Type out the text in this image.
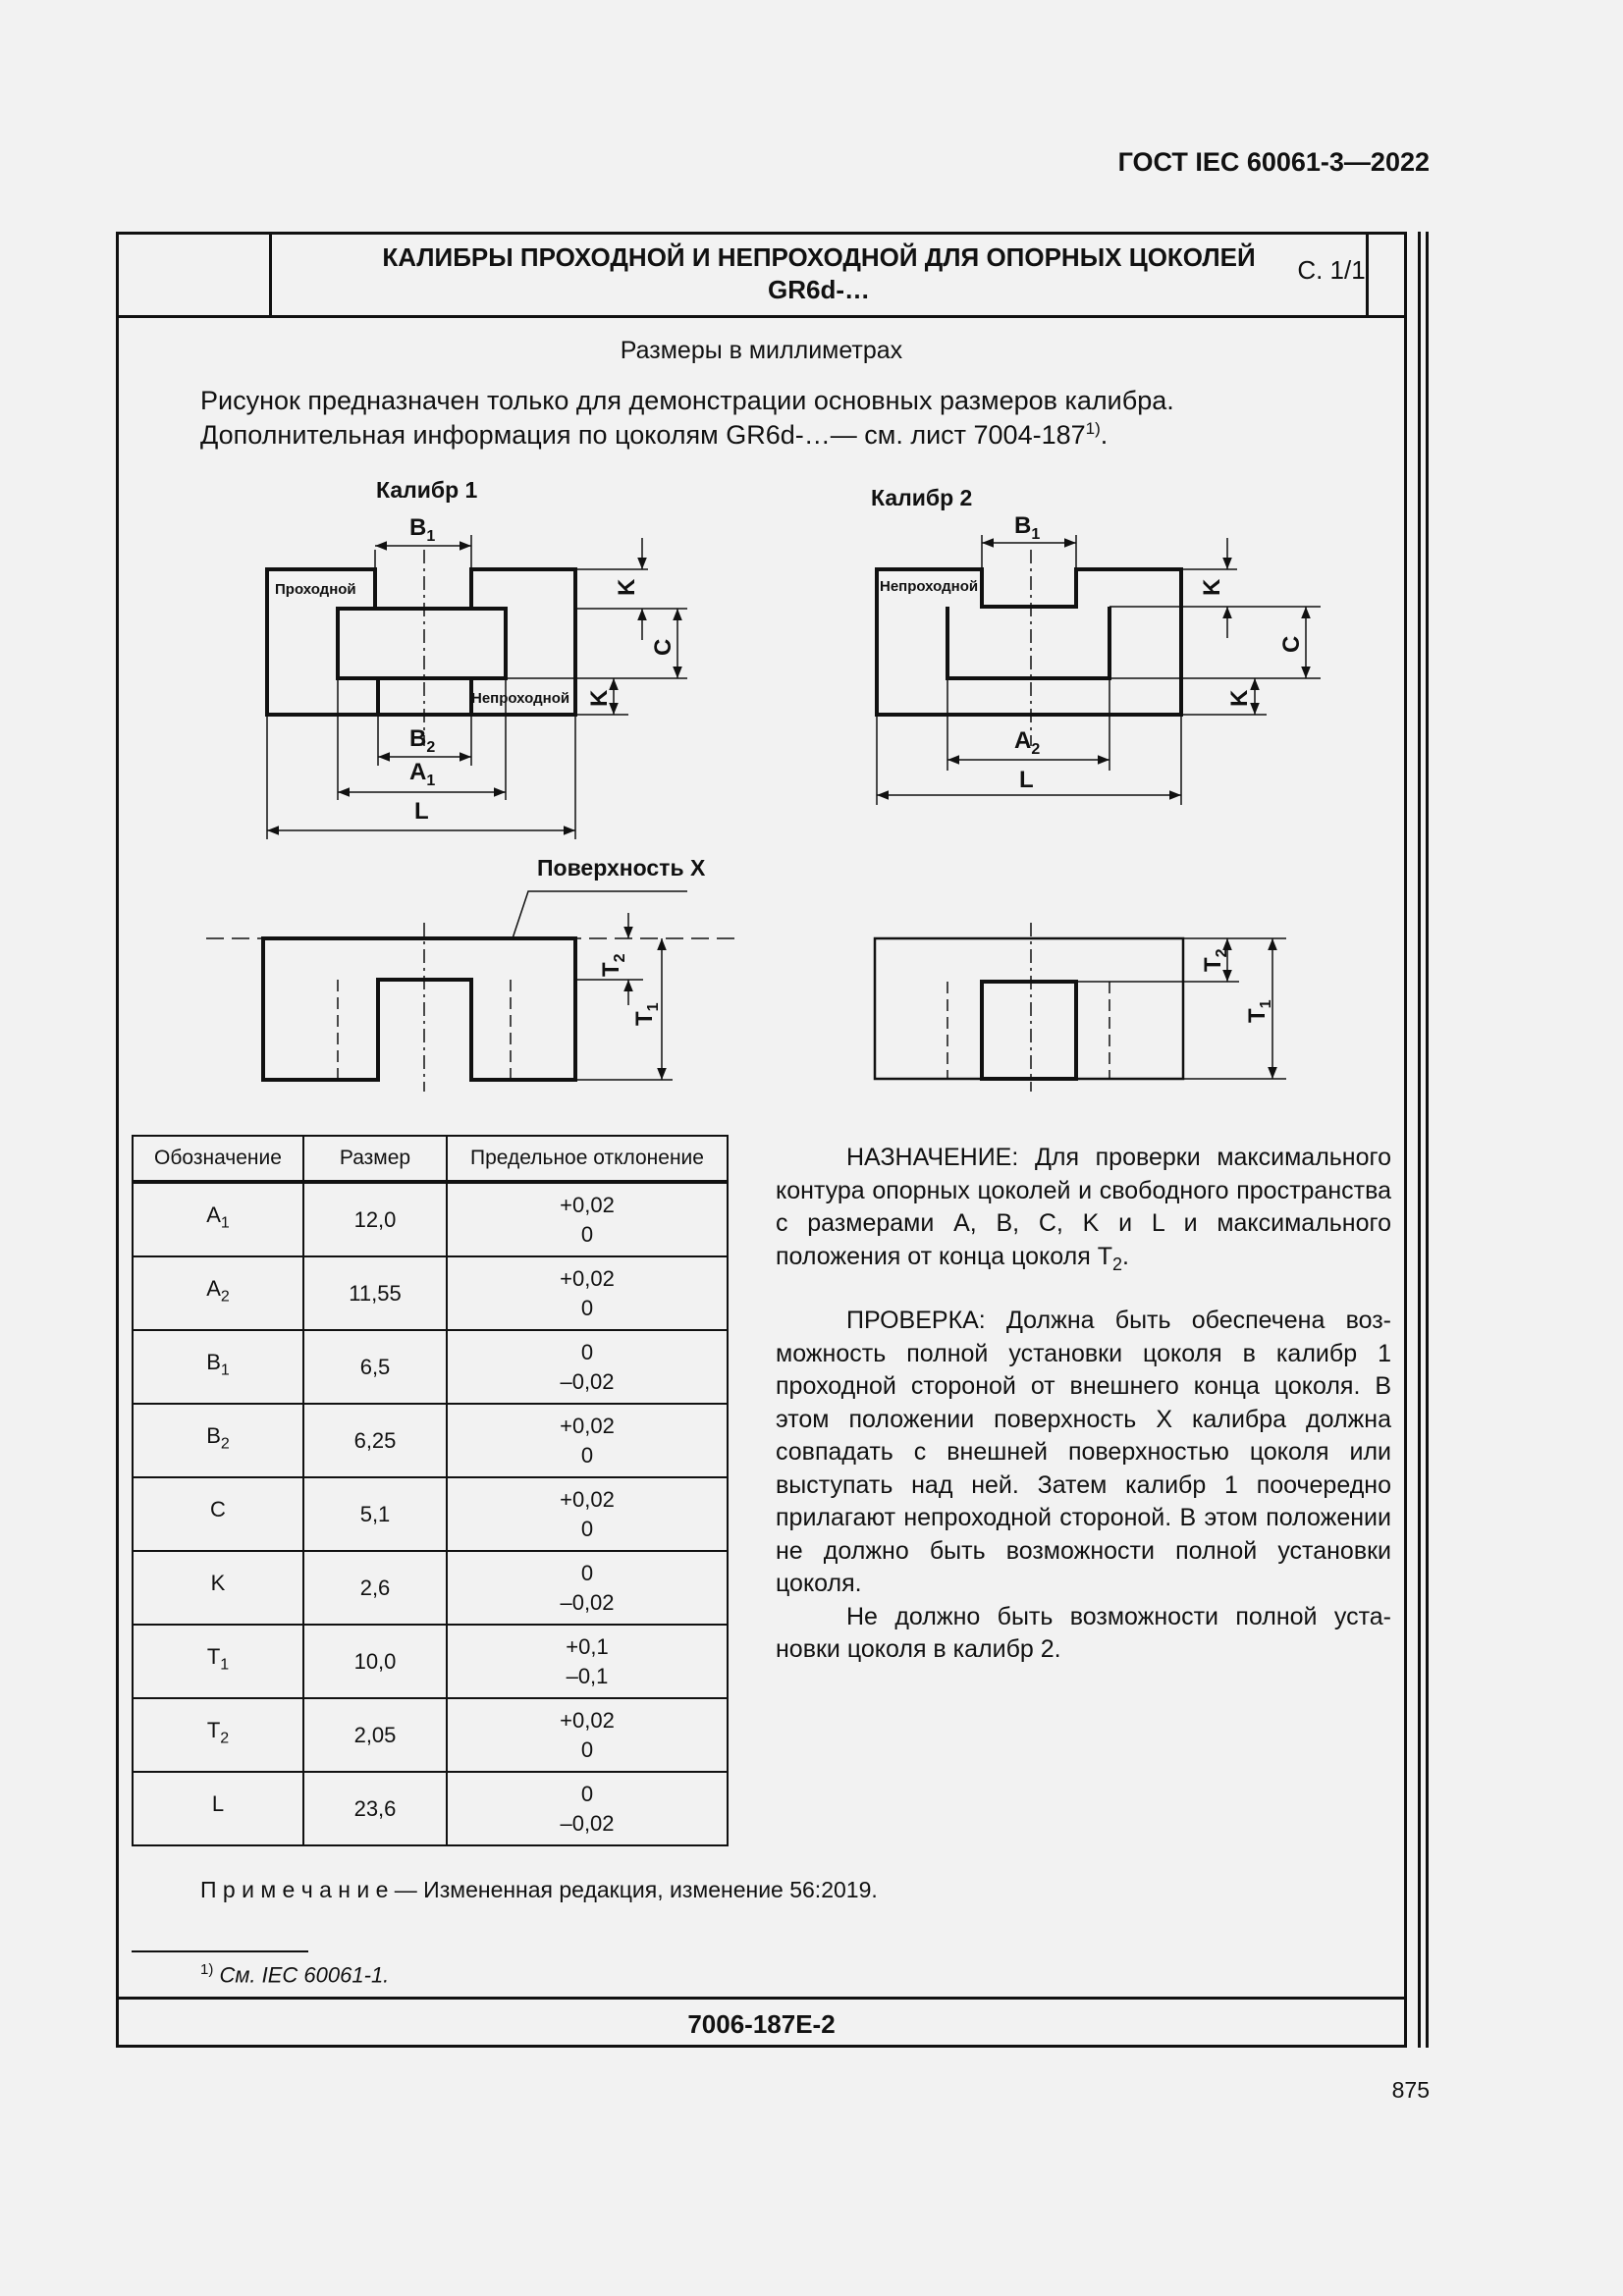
ГОСТ IEC 60061-3—2022
КАЛИБРЫ ПРОХОДНОЙ И НЕПРОХОДНОЙ ДЛЯ ОПОРНЫХ ЦОКОЛЕЙ
GR6d-…
С. 1/1
Размеры в миллиметрах
Рисунок предназначен только для демонстрации основных размеров калибра.
Дополнительная информация по цоколям GR6d-…— см. лист 7004-187$^{1)}$.
Калибр 1	Калибр 2
Проходной
Непроходной
Непроходной
Поверхность X
$B_1$
$B_2$
$A_1$
L
K
C
K
$B_1$
$A_2$
L
K
C
K
$T_2$
$T_1$
$T_2$
$T_1$
Обозначение	Размер	Предельное отклонение
$A_1$	12,0	+0,02
0

$A_2$	11,55	+0,02
0

$B_1$	6,5	0
–0,02

$B_2$	6,25	+0,02
0

C	5,1	+0,02
0

K	2,6	0
–0,02

$T_1$	10,0	+0,1
–0,1

$T_2$	2,05	+0,02
0

L	23,6	0
–0,02

НАЗНАЧЕНИЕ: Для проверки максимального контура опорных цоколей и свободного пространства с размерами A, B, C, K и L и максимального положения от конца цоколя $T_2$.

ПРОВЕРКА: Должна быть обеспечена возможность полной установки цоколя в калибр 1 проходной стороной от внешнего конца цоколя. В этом положении поверхность X калибра должна совпадать с внешней поверхностью цоколя или выступать над ней. Затем калибр 1 поочередно прилагают непроходной стороной. В этом положении не должно быть возможности полной установки цоколя.

Не должно быть возможности полной установки цоколя в калибр 2.

П р и м е ч а н и е — Измененная редакция, изменение 56:2019.
$^{1)}$ См. IEC 60061-1.
7006-187E-2
875
